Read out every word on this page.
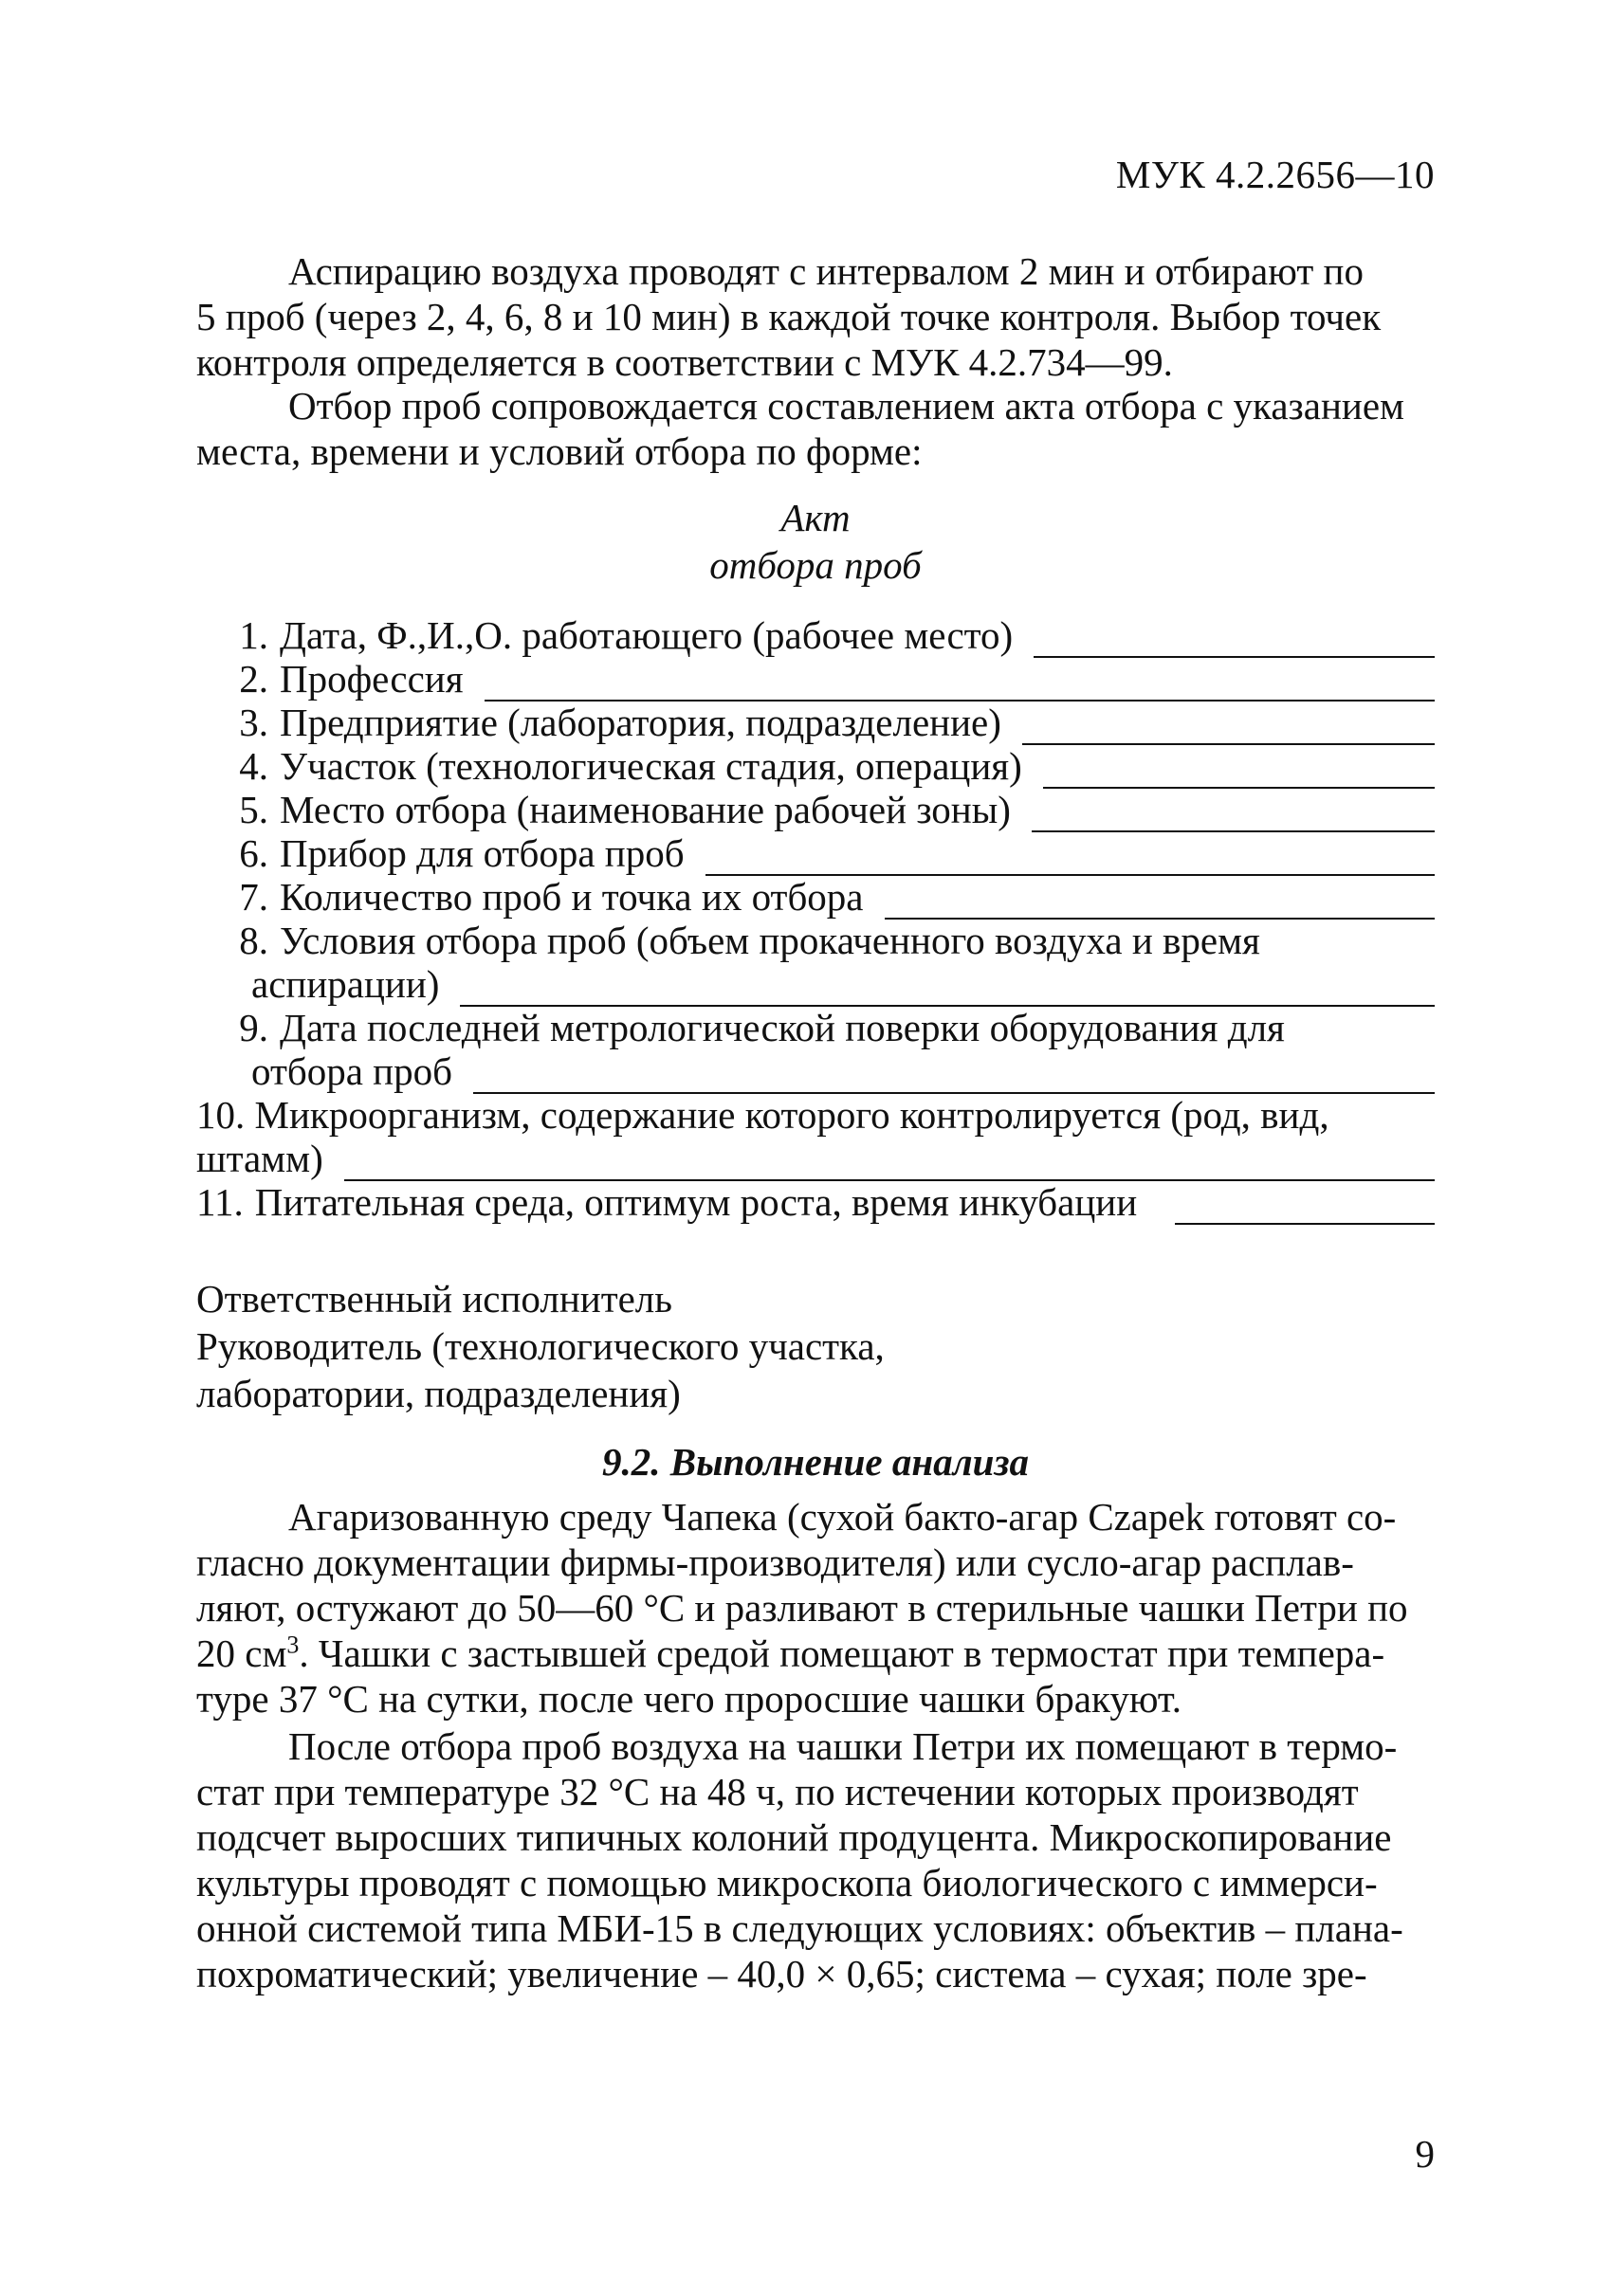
МУК 4.2.2656—10
Аспирацию воздуха проводят с интервалом 2 мин и отбирают по
5 проб (через 2, 4, 6, 8 и 10 мин) в каждой точке контроля. Выбор точек
контроля определяется в соответствии с МУК 4.2.734—99.
Отбор проб сопровождается составлением акта отбора с указанием
места, времени и условий отбора по форме:
Акт
отбора проб
1. Дата, Ф.,И.,О. работающего (рабочее место)
2. Профессия
3. Предприятие (лаборатория, подразделение)
4. Участок (технологическая стадия, операция)
5. Место отбора (наименование рабочей зоны)
6. Прибор для отбора проб
7. Количество проб и точка их отбора
8. Условия отбора проб (объем прокаченного воздуха и время
аспирации)
9. Дата последней метрологической поверки оборудования для
отбора проб
10. Микроорганизм, содержание которого контролируется (род, вид,
штамм)
11. Питательная среда, оптимум роста, время инкубации
Ответственный исполнитель
Руководитель (технологического участка,
лаборатории, подразделения)
9.2. Выполнение анализа
Агаризованную среду Чапека (сухой бакто-агар Czapek готовят со-
гласно документации фирмы-производителя) или сусло-агар расплав-
ляют, остужают до 50—60 °С и разливают в стерильные чашки Петри по
20 $см^3$. Чашки с застывшей средой помещают в термостат при темпера-
туре 37 °С на сутки, после чего проросшие чашки бракуют.
После отбора проб воздуха на чашки Петри их помещают в термо-
стат при температуре 32 °С на 48 ч, по истечении которых производят
подсчет выросших типичных колоний продуцента. Микроскопирование
культуры проводят с помощью микроскопа биологического с иммерси-
онной системой типа МБИ-15 в следующих условиях: объектив – плана-
похроматический; увеличение – 40,0 × 0,65; система – сухая; поле зре-
9
